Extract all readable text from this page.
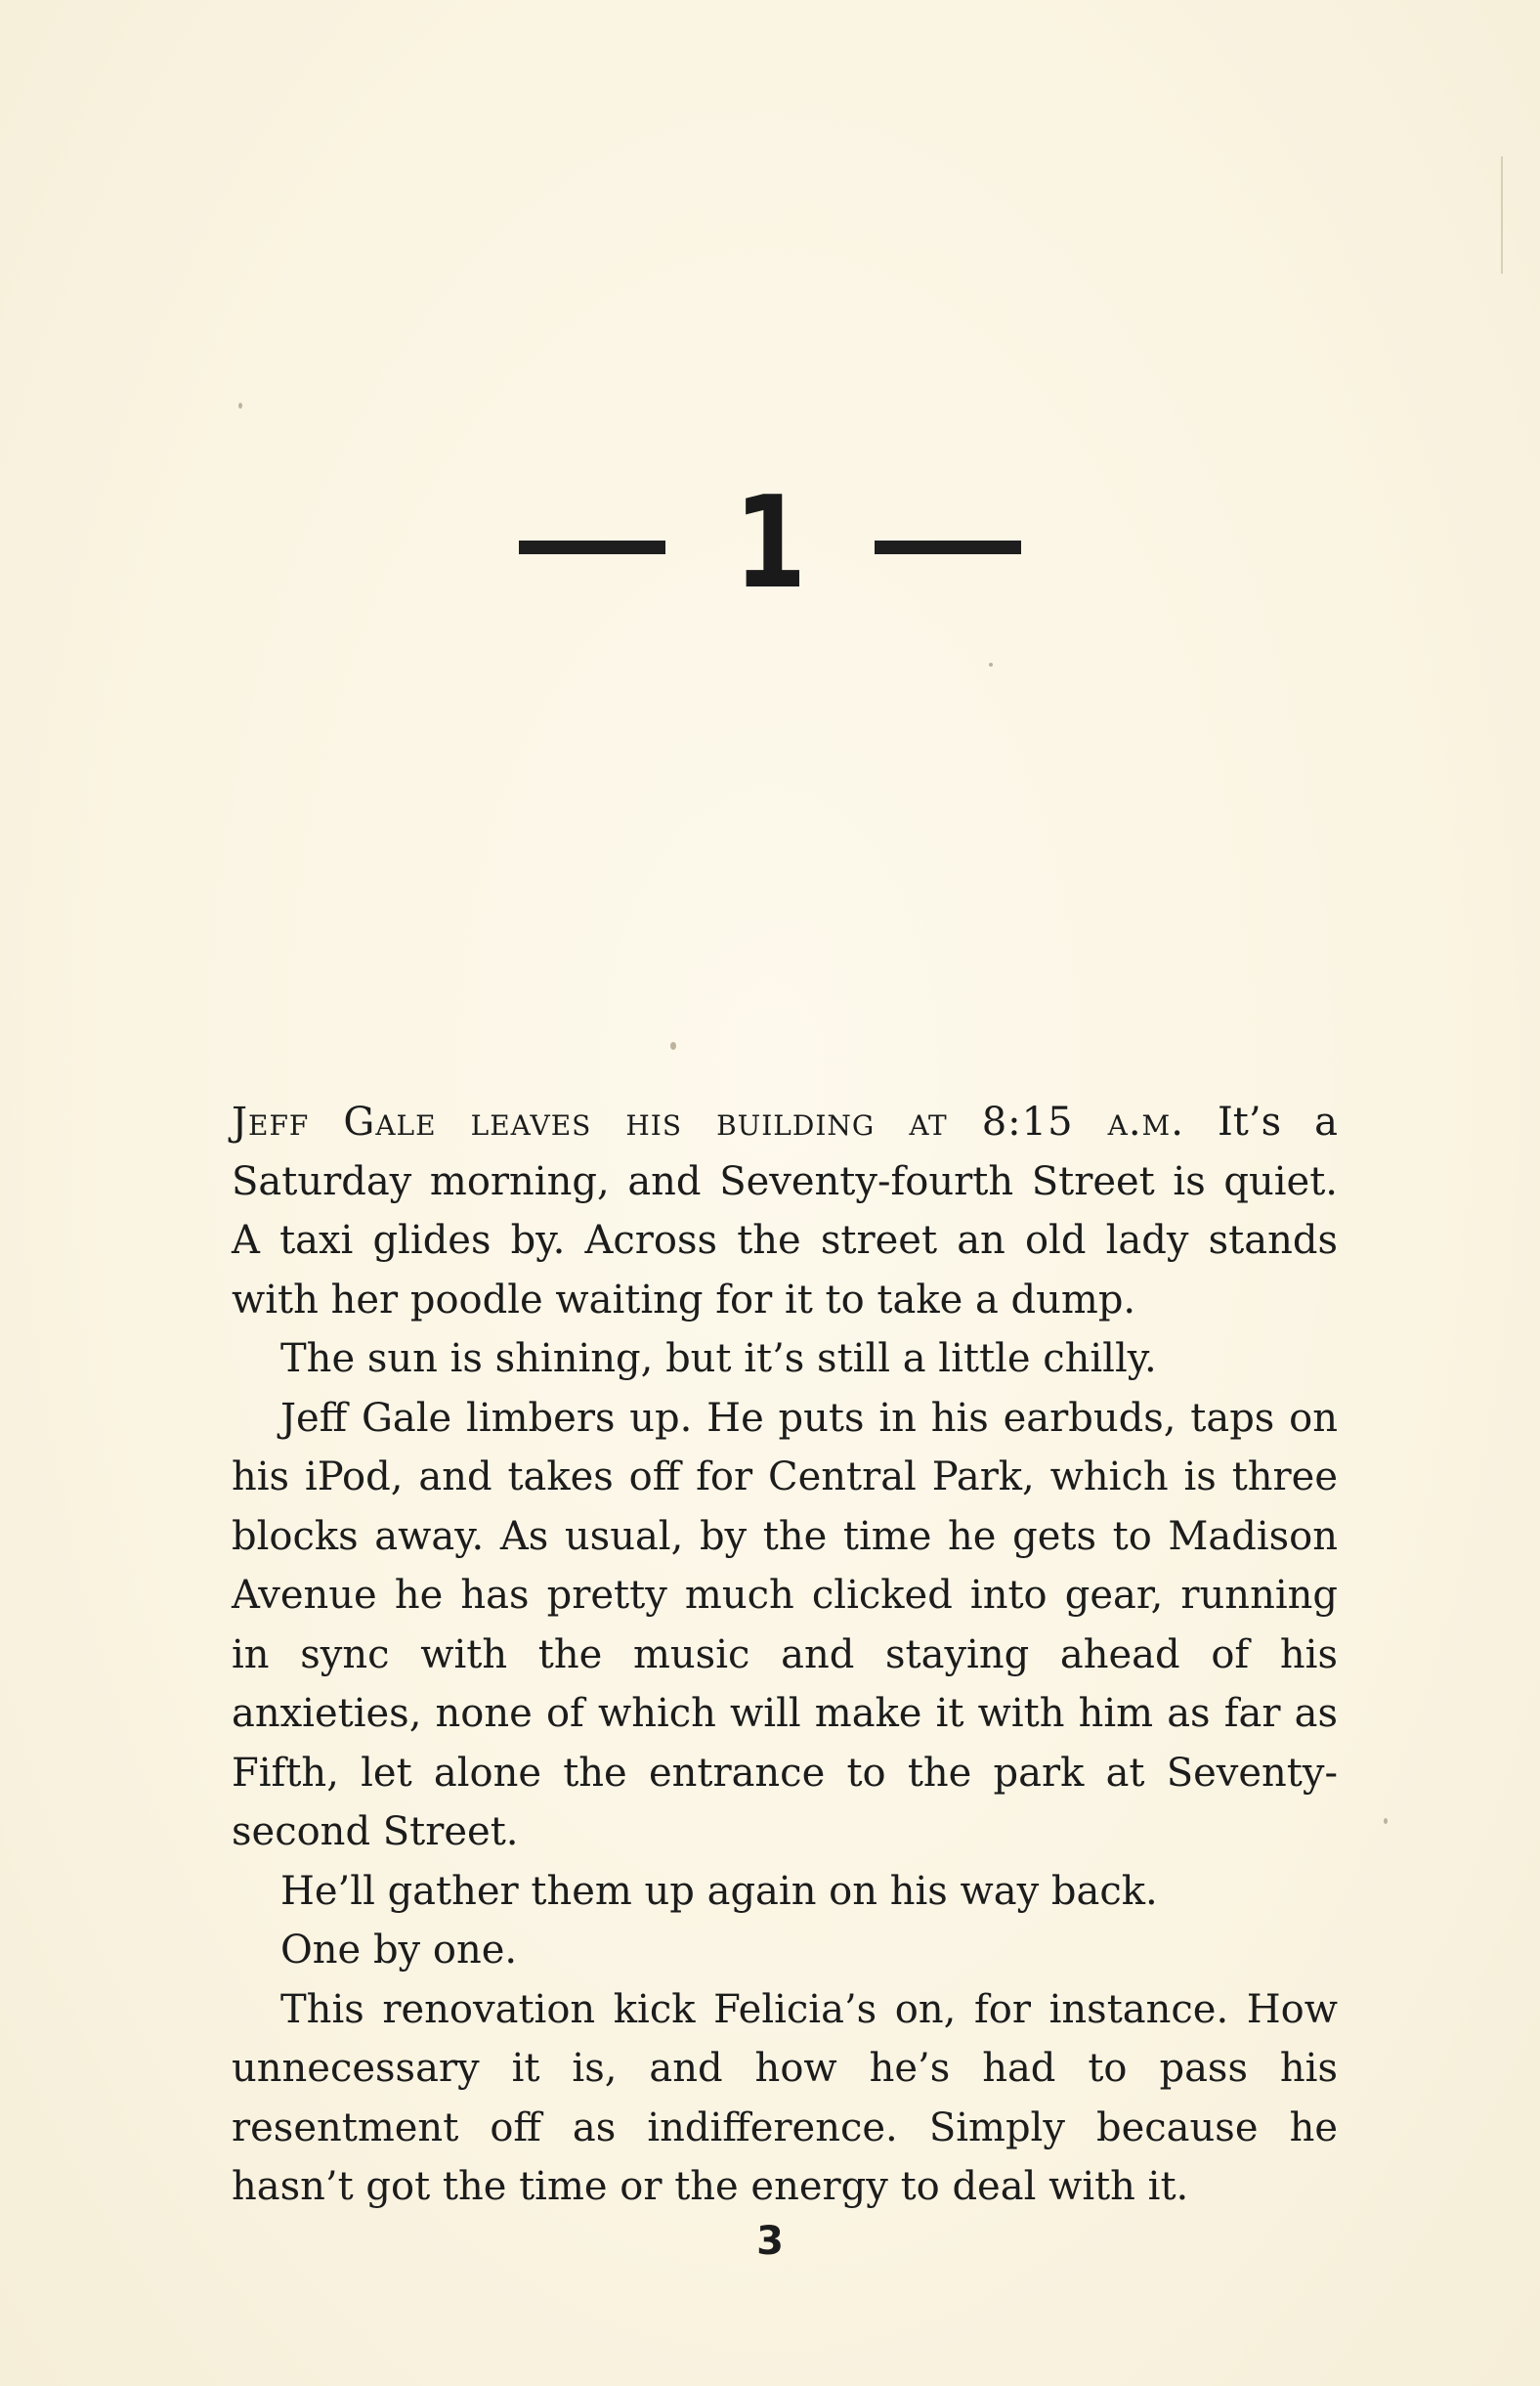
1

Jeff Gale leaves his building at 8:15 a.m. It’s a Saturday morning, and Seventy-fourth Street is quiet. A taxi glides by. Across the street an old lady stands with her poodle waiting for it to take a dump.

The sun is shining, but it’s still a little chilly.

Jeff Gale limbers up. He puts in his earbuds, taps on his iPod, and takes off for Central Park, which is three blocks away. As usual, by the time he gets to Madison Avenue he has pretty much clicked into gear, running in sync with the music and staying ahead of his anxieties, none of which will make it with him as far as Fifth, let alone the entrance to the park at Seventy-second Street.

He’ll gather them up again on his way back.

One by one.

This renovation kick Felicia’s on, for instance. How unnecessary it is, and how he’s had to pass his resentment off as indifference. Simply because he hasn’t got the time or the energy to deal with it.

3
